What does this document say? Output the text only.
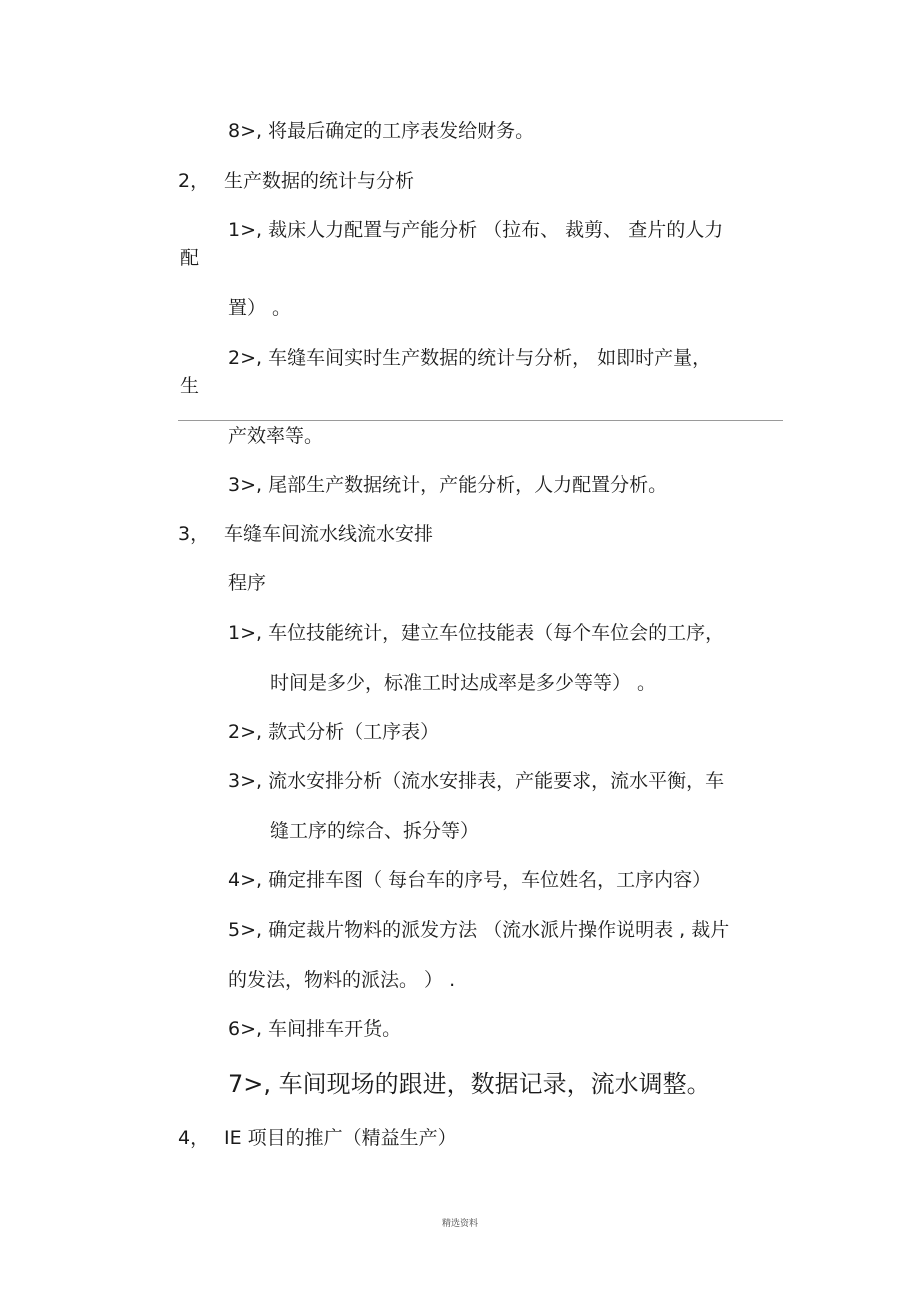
8>, 将最后确定的工序表发给财务。
2， 生产数据的统计与分析
1>, 裁床人力配置与产能分析 （拉布、 裁剪、 查片的人力
配
置） 。
2>, 车缝车间实时生产数据的统计与分析， 如即时产量，
生
产效率等。
3>, 尾部生产数据统计，产能分析，人力配置分析。
3， 车缝车间流水线流水安排
程序
1>, 车位技能统计，建立车位技能表（每个车位会的工序，
时间是多少，标准工时达成率是多少等等） 。
2>, 款式分析（工序表）
3>, 流水安排分析（流水安排表，产能要求，流水平衡，车
缝工序的综合、拆分等）
4>, 确定排车图（ 每台车的序号，车位姓名，工序内容）
5>, 确定裁片物料的派发方法 （流水派片操作说明表 , 裁片
的发法，物料的派法。 ） .
6>, 车间排车开货。
7>, 车间现场的跟进，数据记录，流水调整。
4， IE 项目的推广（精益生产）
精选资料
